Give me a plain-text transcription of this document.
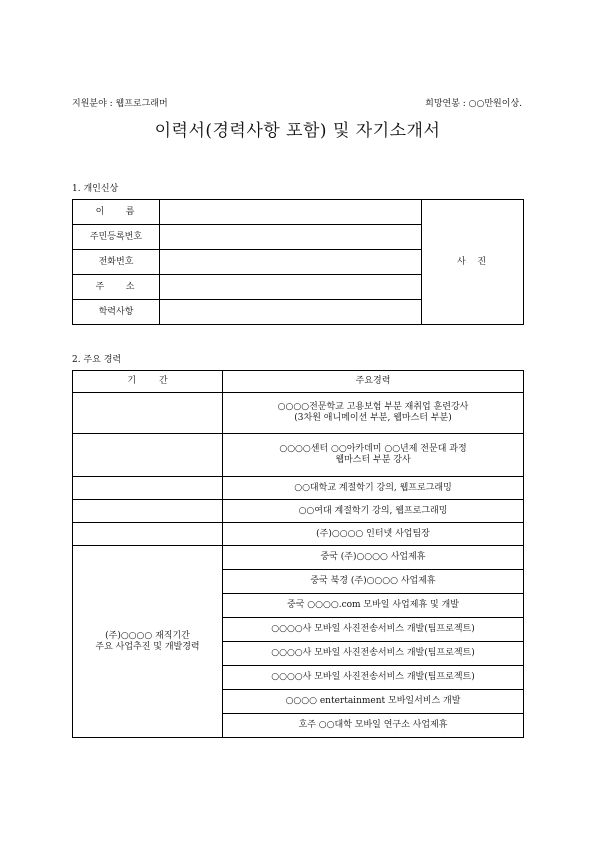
지원분야 : 웹프로그래머	희망연봉 : ○○만원이상.
이력서(경력사항 포함) 및 자기소개서
1. 개인신상
이    름		사  진
주민등록번호		
전화번호		
주    소		
학력사항		
2. 주요 경력
기        간	주요경력

	○○○○전문학교 고용보험 부분 재취업 훈련강사
(3차원 애니메이션 부분, 웹마스터 부분)

	○○○○센터 ○○아카데미 ○○년제 전문대 과정
웹마스터 부분 강사

	○○대학교 계절학기 강의, 웹프로그래밍
	○○여대 계절학기 강의, 웹프로그래밍
	(주)○○○○ 인터넷 사업팀장

(주)○○○○ 재직기간
주요 사업추진 및 개발경력	중국 (주)○○○○ 사업제휴
	중국 북경 (주)○○○○ 사업제휴
	중국 ○○○○.com 모바일 사업제휴 및 개발
	○○○○사 모바일 사진전송서비스 개발(팀프로젝트)
	○○○○사 모바일 사진전송서비스 개발(팀프로젝트)
	○○○○사 모바일 사진전송서비스 개발(팀프로젝트)
	○○○○ entertainment 모바일서비스 개발
	호주 ○○대학 모바일 연구소 사업제휴
